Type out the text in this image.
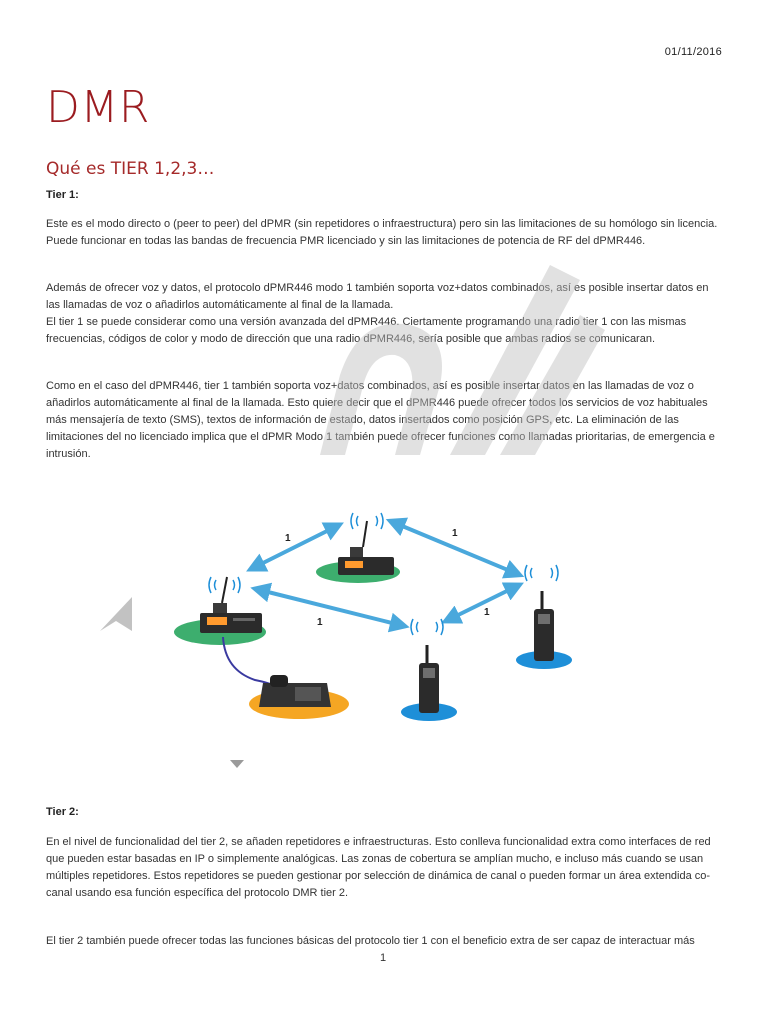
01/11/2016
DMR
Qué es TIER 1,2,3…
Tier 1:

Este es el modo directo o (peer to peer) del dPMR (sin repetidores o infraestructura) pero sin las limitaciones de su homólogo sin licencia. Puede funcionar en todas las bandas de frecuencia PMR licenciado y sin las limitaciones de potencia de RF del dPMR446.

Además de ofrecer voz y datos, el protocolo dPMR446 modo 1 también soporta voz+datos combinados, así es posible insertar datos en las llamadas de voz o añadirlos automáticamente al final de la llamada.

El tier 1 se puede considerar como una versión avanzada del dPMR446. Ciertamente programando una radio tier 1 con las mismas frecuencias, códigos de color y modo de dirección que una radio dPMR446, sería posible que ambas radios se comunicaran.

Como en el caso del dPMR446, tier 1 también soporta voz+datos combinados, así es posible insertar datos en las llamadas de voz o añadirlos automáticamente al final de la llamada. Esto quiere decir que el dPMR446 puede ofrecer todos los servicios de voz habituales más mensajería de texto (SMS), textos de información de estado, datos insertados como posición GPS, etc. La eliminación de las limitaciones del no licenciado implica que el dPMR Modo 1 también puede ofrecer funciones como llamadas prioritarias, de emergencia e intrusión.

1	1
1
1
Tier 2:

En el nivel de funcionalidad del tier 2, se añaden repetidores e infraestructuras. Esto conlleva funcionalidad extra como interfaces de red que pueden estar basadas en IP o simplemente analógicas. Las zonas de cobertura se amplían mucho, e incluso más cuando se usan múltiples repetidores. Estos repetidores se pueden gestionar por selección de dinámica de canal o pueden formar un área extendida co-canal usando esa función específica del protocolo DMR tier 2.

El tier 2 también puede ofrecer todas las funciones básicas del protocolo tier 1 con el beneficio extra de ser capaz de interactuar más

1
